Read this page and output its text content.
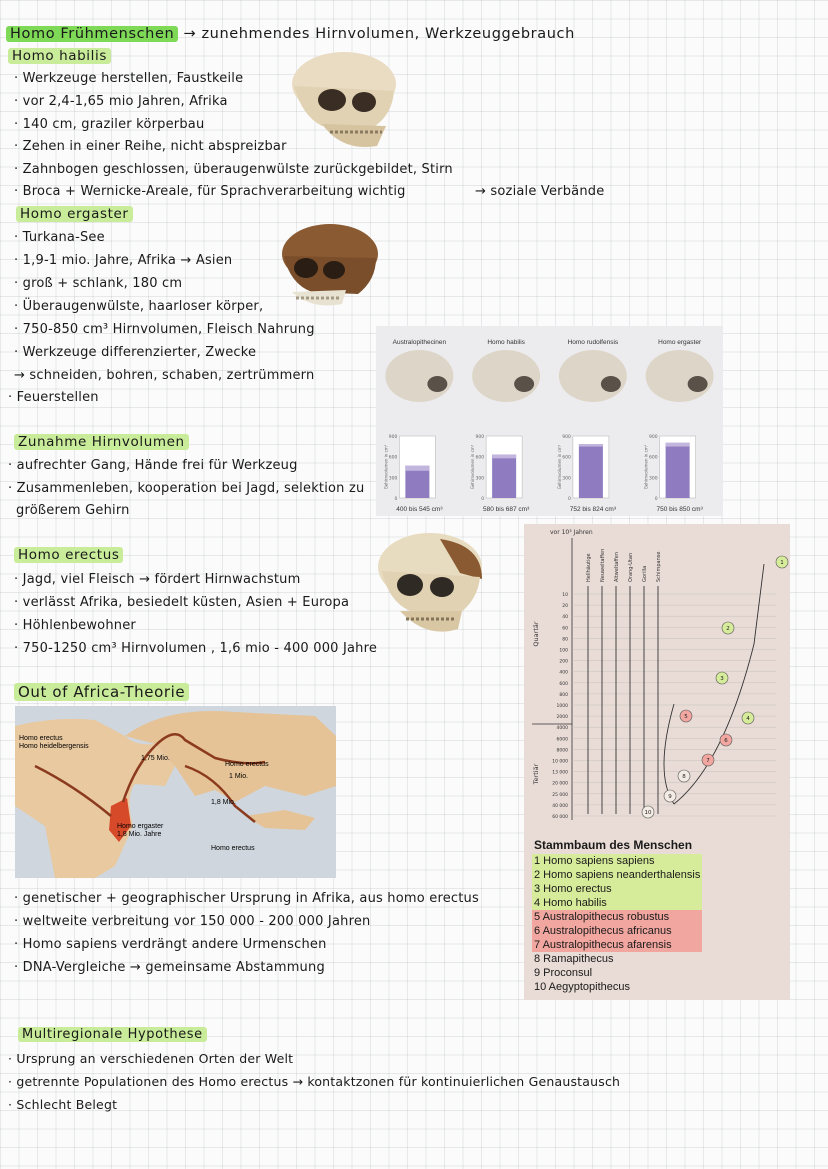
Homo Frühmenschen → zunehmendes Hirnvolumen, Werkzeuggebrauch
Homo habilis
· Werkzeuge herstellen, Faustkeile
· vor 2,4-1,65 mio Jahren, Afrika
· 140 cm, graziler körperbau
· Zehen in einer Reihe, nicht abspreizbar
· Zahnbogen geschlossen, überaugenwülste zurückgebildet, Stirn
· Broca + Wernicke-Areale, für Sprachverarbeitung wichtig	→ soziale Verbände
Homo ergaster
· Turkana-See
· 1,9-1 mio. Jahre, Afrika → Asien
· groß + schlank, 180 cm
· Überaugenwülste, haarloser körper,
· 750-850 cm³ Hirnvolumen, Fleisch Nahrung
· Werkzeuge differenzierter, Zwecke
→ schneiden, bohren, schaben, zertrümmern
· Feuerstellen
Australopithecinen
900
600
300
0
Gehirnvolumen in cm³
400 bis 545 cm³
Homo habilis
900
600
300
0
Gehirnvolumen in cm³
580 bis 687 cm³
Homo rudolfensis
900
600
300
0
Gehirnvolumen in cm³
752 bis 824 cm³
Homo ergaster
900
600
300
0
Gehirnvolumen in cm³
750 bis 850 cm³
Zunahme Hirnvolumen
· aufrechter Gang, Hände frei für Werkzeug
· Zusammenleben, kooperation bei Jagd, selektion zu
größerem Gehirn
Homo erectus
· Jagd, viel Fleisch → fördert Hirnwachstum
· verlässt Afrika, besiedelt küsten, Asien + Europa
· Höhlenbewohner
· 750-1250 cm³ Hirnvolumen , 1,6 mio - 400 000 Jahre
Out of Africa-Theorie
Homo erectus
Homo heidelbergensis
1,75 Mio.
Homo erectus
1 Mio.
1,8 Mio.
Homo ergaster
1,8 Mio. Jahre
Homo erectus
· genetischer + geographischer Ursprung in Afrika, aus homo erectus
· weltweite verbreitung vor 150 000 - 200 000 Jahren
· Homo sapiens verdrängt andere Urmenschen
· DNA-Vergleiche → gemeinsame Abstammung
vor 10³ Jahren
Quartär
Tertiär
10
20
40
60
80
100
200
400
600
800
1000
2000
4000
6000
8000
10 000
13 000
20 000
25 000
40 000
60 000
Hellhäutige Neuweltaffen Altweltaffen Orang-Utan Gorilla Schimpanse	1
2
3
4
5
6
7
8
9
10
Stammbaum des Menschen
1 Homo sapiens sapiens
2 Homo sapiens neanderthalensis
3 Homo erectus
4 Homo habilis
5 Australopithecus robustus
6 Australopithecus africanus
7 Australopithecus afarensis
8 Ramapithecus
9 Proconsul
10 Aegyptopithecus
Multiregionale Hypothese
· Ursprung an verschiedenen Orten der Welt
· getrennte Populationen des Homo erectus → kontaktzonen für kontinuierlichen Genaustausch
· Schlecht Belegt
